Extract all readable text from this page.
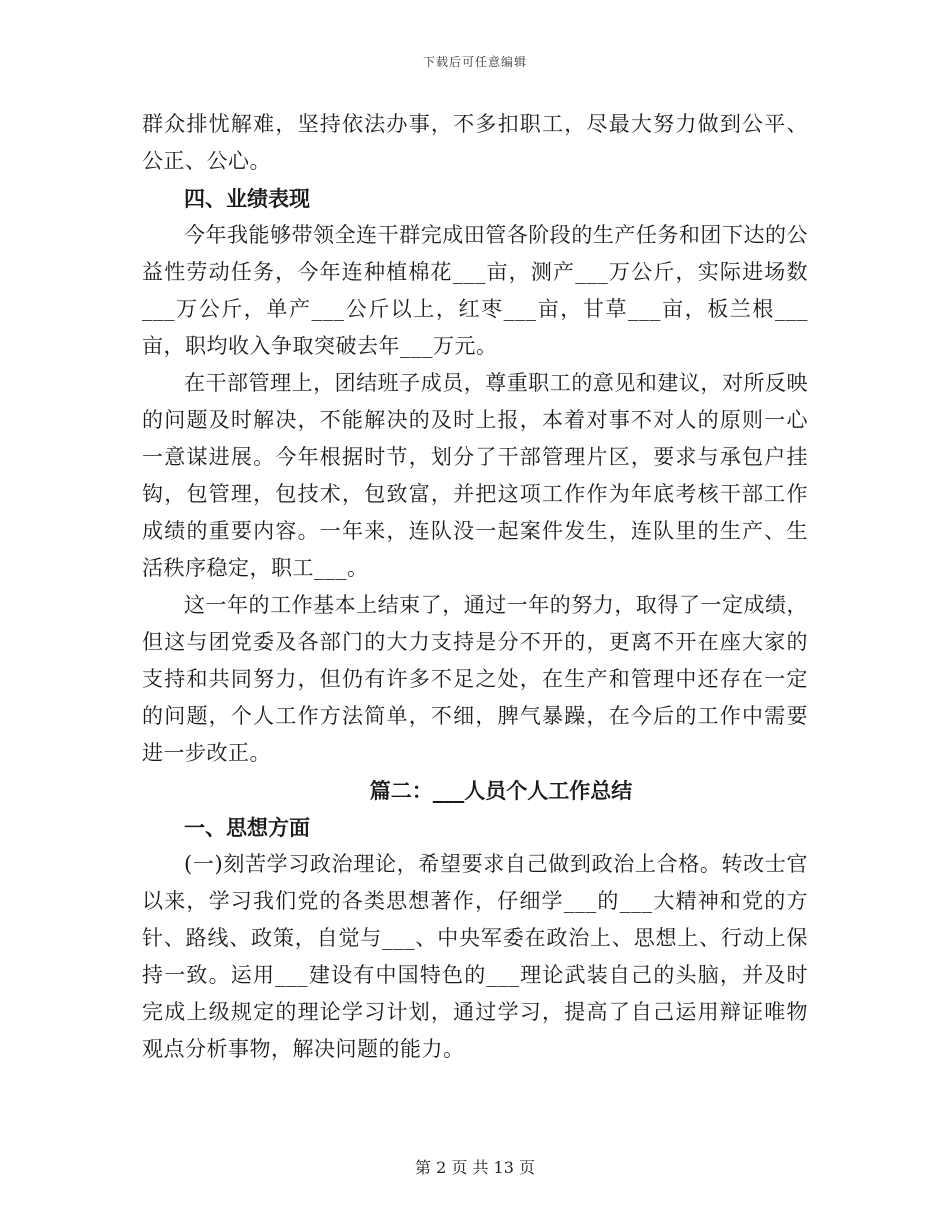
下载后可任意编辑

群众排忧解难，坚持依法办事，不多扣职工，尽最大努力做到公平、公正、公心。

四、业绩表现

今年我能够带领全连干群完成田管各阶段的生产任务和团下达的公益性劳动任务，今年连种植棉花___亩，测产___万公斤，实际进场数___万公斤，单产___公斤以上，红枣___亩，甘草___亩，板兰根___亩，职均收入争取突破去年___万元。

在干部管理上，团结班子成员，尊重职工的意见和建议，对所反映的问题及时解决，不能解决的及时上报，本着对事不对人的原则一心一意谋进展。今年根据时节，划分了干部管理片区，要求与承包户挂钩，包管理，包技术，包致富，并把这项工作作为年底考核干部工作成绩的重要内容。一年来，连队没一起案件发生，连队里的生产、生活秩序稳定，职工___。

这一年的工作基本上结束了，通过一年的努力，取得了一定成绩，但这与团党委及各部门的大力支持是分不开的，更离不开在座大家的支持和共同努力，但仍有许多不足之处，在生产和管理中还存在一定的问题，个人工作方法简单，不细，脾气暴躁，在今后的工作中需要进一步改正。

篇二：___人员个人工作总结

一、思想方面

(一)刻苦学习政治理论，希望要求自己做到政治上合格。转改士官以来，学习我们党的各类思想著作，仔细学___的___大精神和党的方针、路线、政策，自觉与___、中央军委在政治上、思想上、行动上保持一致。运用___建设有中国特色的___理论武装自己的头脑，并及时完成上级规定的理论学习计划，通过学习，提高了自己运用辩证唯物观点分析事物，解决问题的能力。

第 2 页 共 13 页
